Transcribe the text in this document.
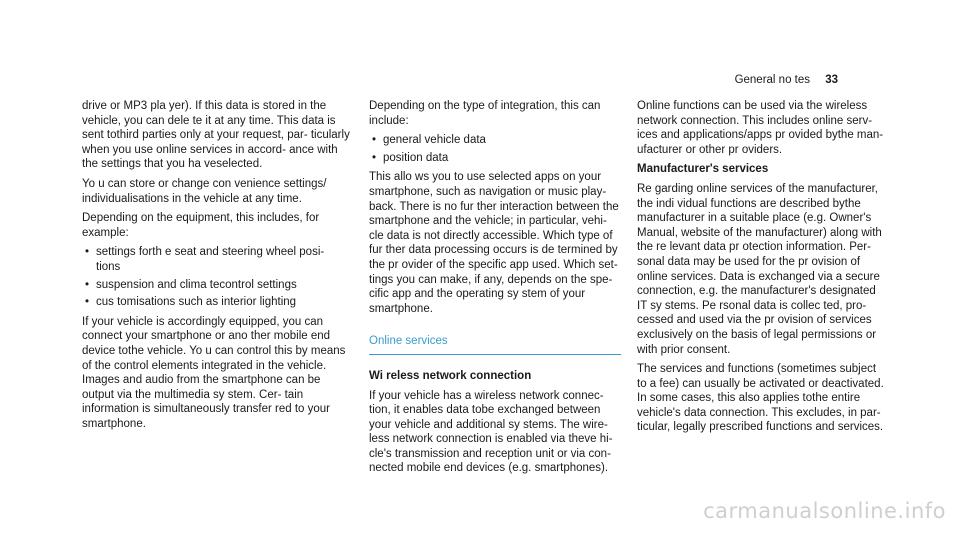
General no tes 33

drive or MP3 pla yer). If this data is stored in the vehicle, you can dele te it at any time. This data is sent tothird parties only at your request, par‐ ticularly when you use online services in accord‐ ance with the settings that you ha veselected.

Yo u can store or change con venience settings/ individualisations in the vehicle at any time.

Depending on the equipment, this includes, for example:

• settings forth e seat and steering wheel posi‐ tions
• suspension and clima tecontrol settings
• cus tomisations such as interior lighting

If your vehicle is accordingly equipped, you can connect your smartphone or ano ther mobile end device tothe vehicle. Yo u can control this by means of the control elements integrated in the vehicle. Images and audio from the smartphone can be output via the multimedia sy stem. Cer‐ tain information is simultaneously transfer red to your smartphone.

Depending on the type of integration, this can include:

• general vehicle data
• position data

This allo ws you to use selected apps on your smartphone, such as navigation or music play‐ back. There is no fur ther interaction between the smartphone and the vehicle; in particular, vehi‐ cle data is not directly accessible. Which type of fur ther data processing occurs is de termined by the pr ovider of the specific app used. Which set‐ tings you can make, if any, depends on the spe‐ cific app and the operating sy stem of your smartphone.

Online services

Wi reless network connection

If your vehicle has a wireless network connec‐ tion, it enables data tobe exchanged between your vehicle and additional sy stems. The wire‐ less network connection is enabled via theve hi‐ cle's transmission and reception unit or via con‐ nected mobile end devices (e.g. smartphones).

Online functions can be used via the wireless network connection. This includes online serv‐ ices and applications/apps pr ovided bythe man‐ ufacturer or other pr oviders.

Manufacturer's services

Re garding online services of the manufacturer, the indi vidual functions are described bythe manufacturer in a suitable place (e.g. Owner's Manual, website of the manufacturer) along with the re levant data pr otection information. Per‐ sonal data may be used for the pr ovision of online services. Data is exchanged via a secure connection, e.g. the manufacturer's designated IT sy stems. Pe rsonal data is collec ted, pro‐ cessed and used via the pr ovision of services exclusively on the basis of legal permissions or with prior consent.

The services and functions (sometimes subject to a fee) can usually be activated or deactivated. In some cases, this also applies tothe entire vehicle's data connection. This excludes, in par‐ ticular, legally prescribed functions and services.

carmanualsonline.info
